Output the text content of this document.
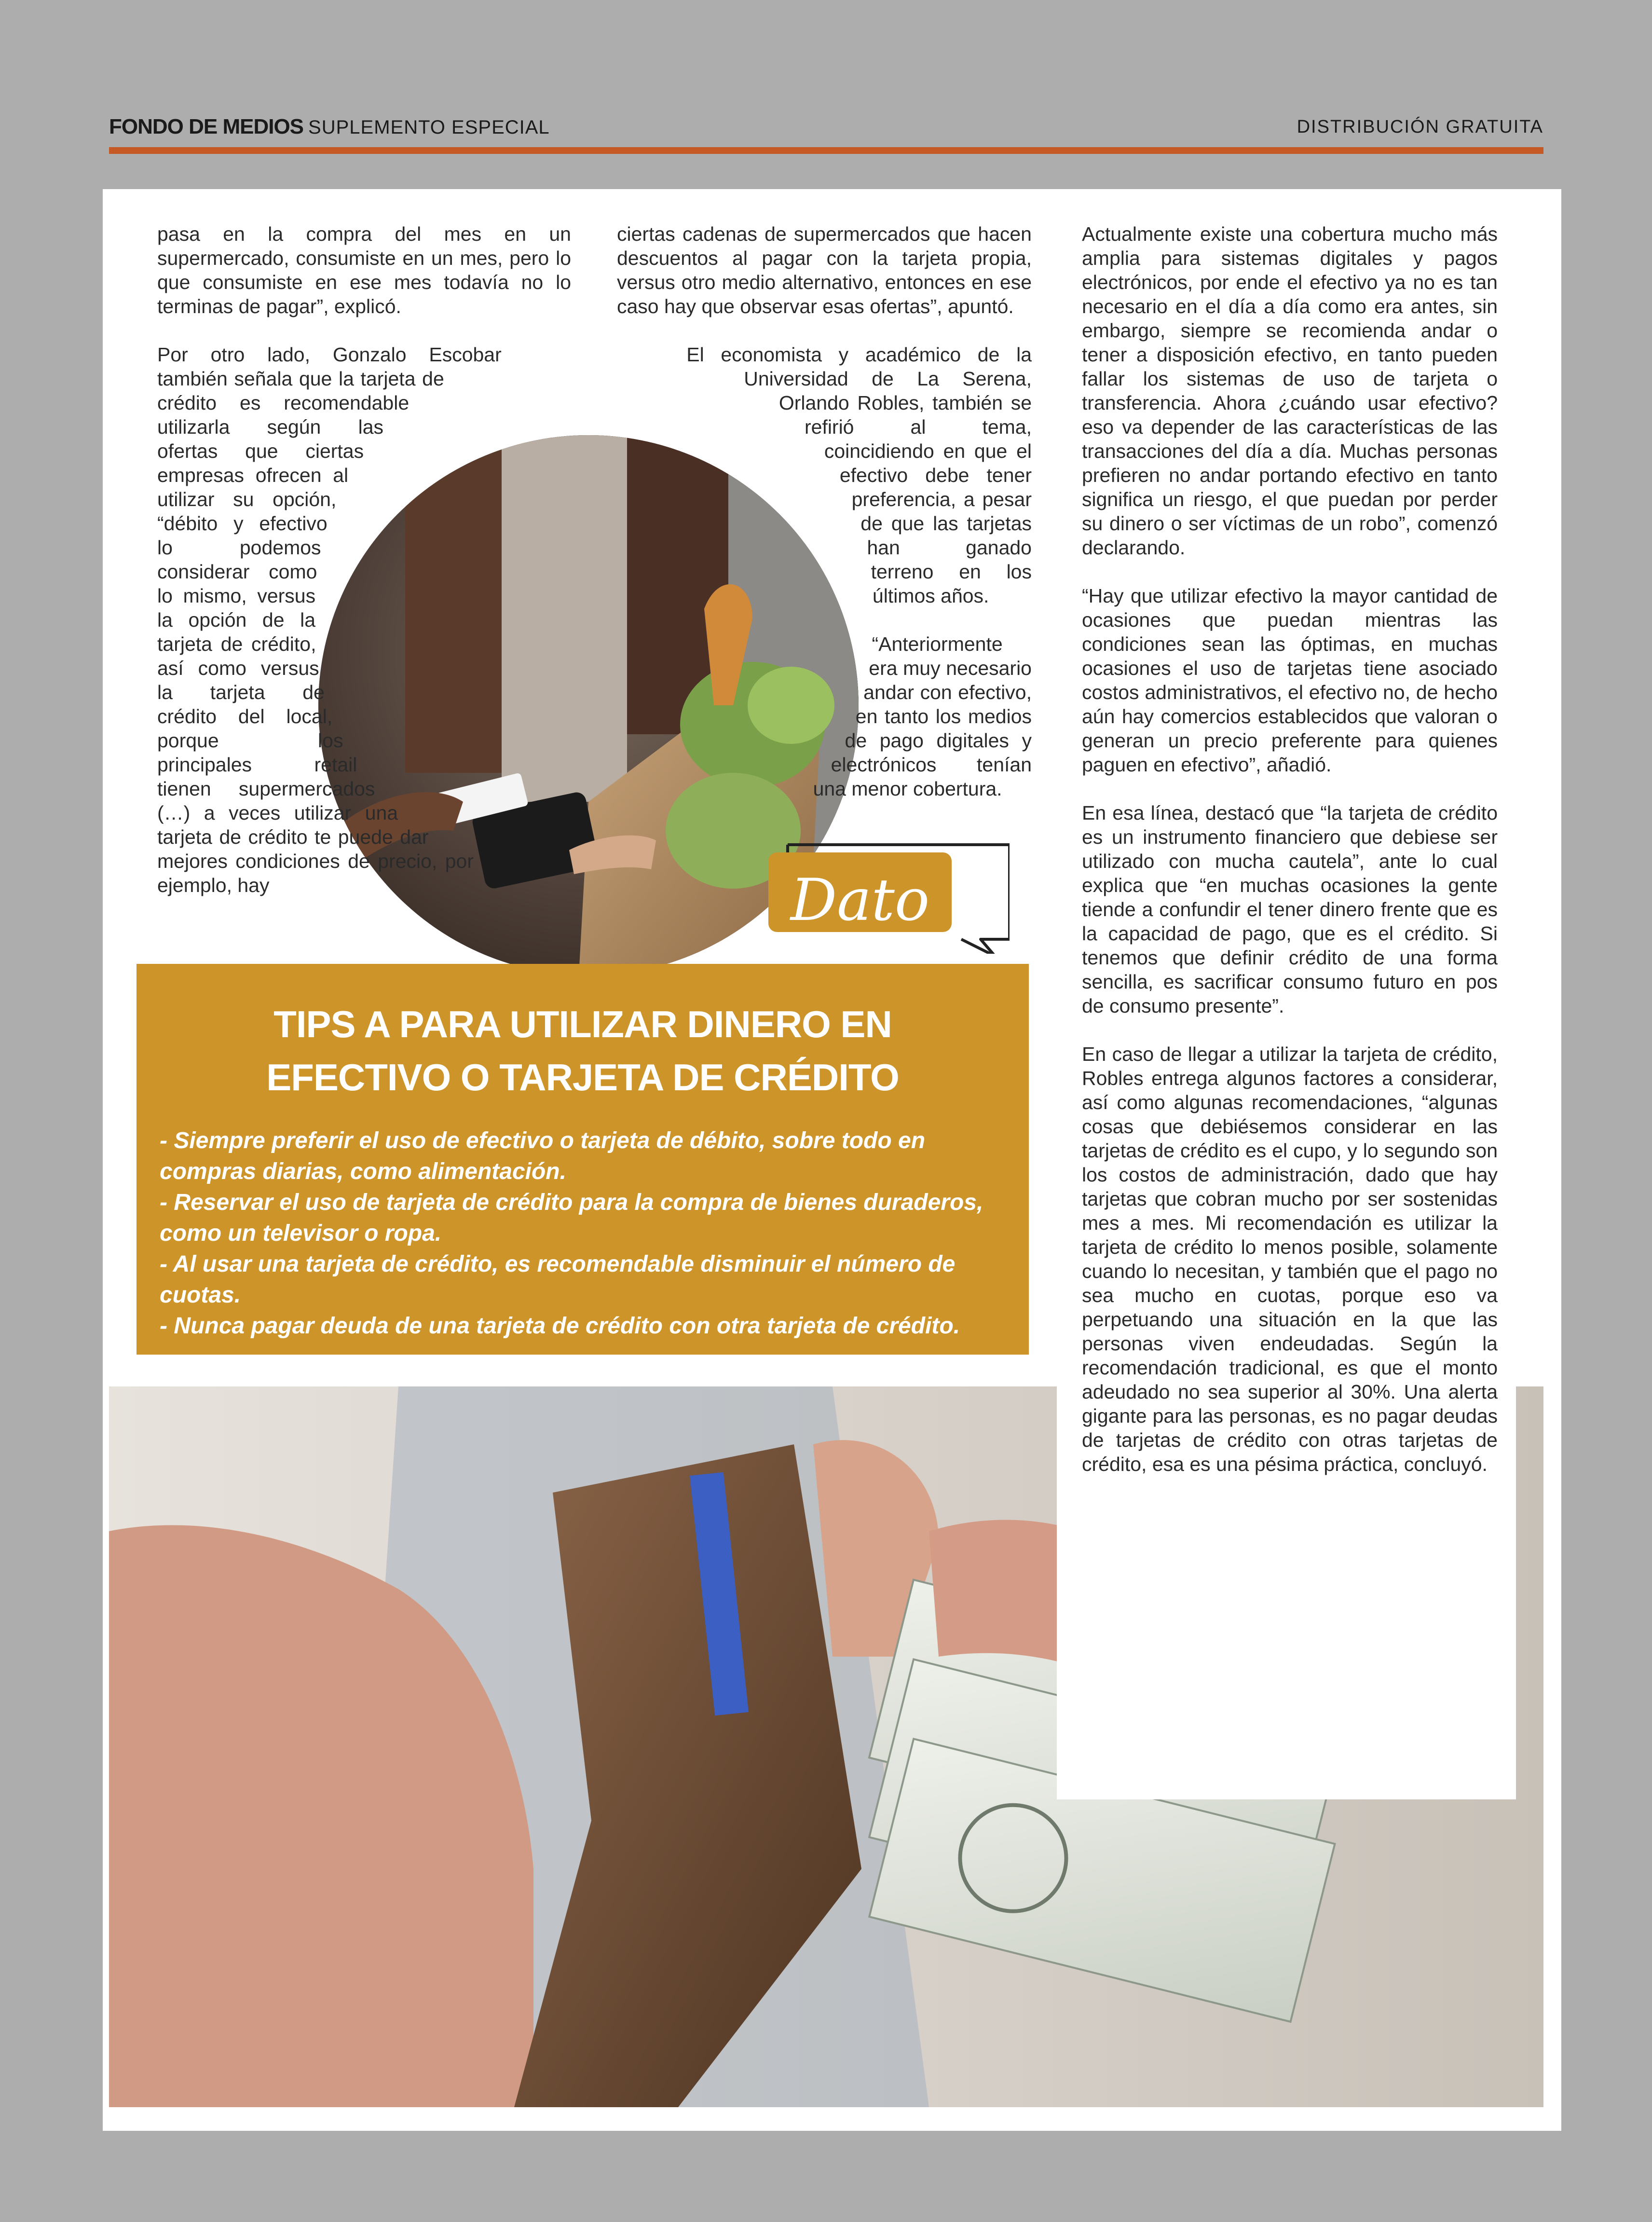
FONDO DE MEDIOS SUPLEMENTO ESPECIAL	DISTRIBUCIÓN GRATUITA

pasa en la compra del mes en un supermercado, consumiste en un mes, pero lo que consumiste en ese mes todavía no lo terminas de pagar”, explicó.

Por otro lado, Gonzalo Escobar también señala que la tarjeta de crédito es recomendable utilizarla según las ofertas que ciertas empresas ofrecen al utilizar su opción, “débito y efectivo lo podemos considerar como lo mismo, versus la opción de la tarjeta de crédito, así como versus la tarjeta de crédito del local, porque los principales retail tienen supermercados (…) a veces utilizar una tarjeta de crédito te puede dar mejores condiciones de precio, por ejemplo, hay

ciertas cadenas de supermercados que hacen descuentos al pagar con la tarjeta propia, versus otro medio alternativo, entonces en ese caso hay que observar esas ofertas”, apuntó.

El economista y académico de la Universidad de La Serena, Orlando Robles, también se refirió al tema, coincidiendo en que el efectivo debe tener preferencia, a pesar de que las tarjetas han ganado terreno en los últimos años.

“Anteriormente era muy necesario andar con efectivo, en tanto los medios de pago digitales y electrónicos tenían una menor cobertura.

Actualmente existe una cobertura mucho más amplia para sistemas digitales y pagos electrónicos, por ende el efectivo ya no es tan necesario en el día a día como era antes, sin embargo, siempre se recomienda andar o tener a disposición efectivo, en tanto pueden fallar los sistemas de uso de tarjeta o transferencia. Ahora ¿cuándo usar efectivo? eso va depender de las características de las transacciones del día a día. Muchas personas prefieren no andar portando efectivo en tanto significa un riesgo, el que puedan por perder su dinero o ser víctimas de un robo”, comenzó declarando.

“Hay que utilizar efectivo la mayor cantidad de ocasiones que puedan mientras las condiciones sean las óptimas, en muchas ocasiones el uso de tarjetas tiene asociado costos administrativos, el efectivo no, de hecho aún hay comercios establecidos que valoran o generan un precio preferente para quienes paguen en efectivo”, añadió.

En esa línea, destacó que “la tarjeta de crédito es un instrumento financiero que debiese ser utilizado con mucha cautela”, ante lo cual explica que “en muchas ocasiones la gente tiende a confundir el tener dinero frente que es la capacidad de pago, que es el crédito. Si tenemos que definir crédito de una forma sencilla, es sacrificar consumo futuro en pos de consumo presente”.

En caso de llegar a utilizar la tarjeta de crédito, Robles entrega algunos factores a considerar, así como algunas recomendaciones, “algunas cosas que debiésemos considerar en las tarjetas de crédito es el cupo, y lo segundo son los costos de administración, dado que hay tarjetas que cobran mucho por ser sostenidas mes a mes. Mi recomendación es utilizar la tarjeta de crédito lo menos posible, solamente cuando lo necesitan, y también que el pago no sea mucho en cuotas, porque eso va perpetuando una situación en la que las personas viven endeudadas. Según la recomendación tradicional, es que el monto adeudado no sea superior al 30%. Una alerta gigante para las personas, es no pagar deudas de tarjetas de crédito con otras tarjetas de crédito, esa es una pésima práctica, concluyó.

Dato
TIPS A PARA UTILIZAR DINERO EN
EFECTIVO O TARJETA DE CRÉDITO
- Siempre preferir el uso de efectivo o tarjeta de débito, sobre todo en compras diarias, como alimentación.
- Reservar el uso de tarjeta de crédito para la compra de bienes duraderos, como un televisor o ropa.
- Al usar una tarjeta de crédito, es recomendable disminuir el número de cuotas.
- Nunca pagar deuda de una tarjeta de crédito con otra tarjeta de crédito.
